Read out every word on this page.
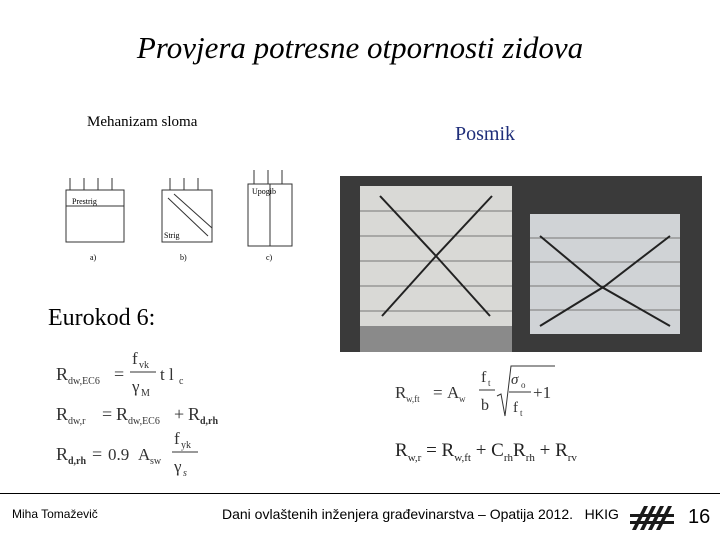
Provjera potresne otpornosti zidova
Mehanizam sloma
Posmik
Prestrig
Strig
Upogib
a)	b)	c)
Eurokod 6:
R dw,EC6 =
f vk
γ M
t l c
R dw,r = R dw,EC6 + R d,rh
R d,rh = 0.9 A sw
f yk
γ s
R w,ft = A w
f t
b
σ o
f t
+1
$R_{w,r} = R_{w,ft} + C_{rh}R_{rh} + R_{rv}$
Miha Tomaževič	Dani ovlaštenih inženjera građevinarstva – Opatija 2012. HKIG	16
